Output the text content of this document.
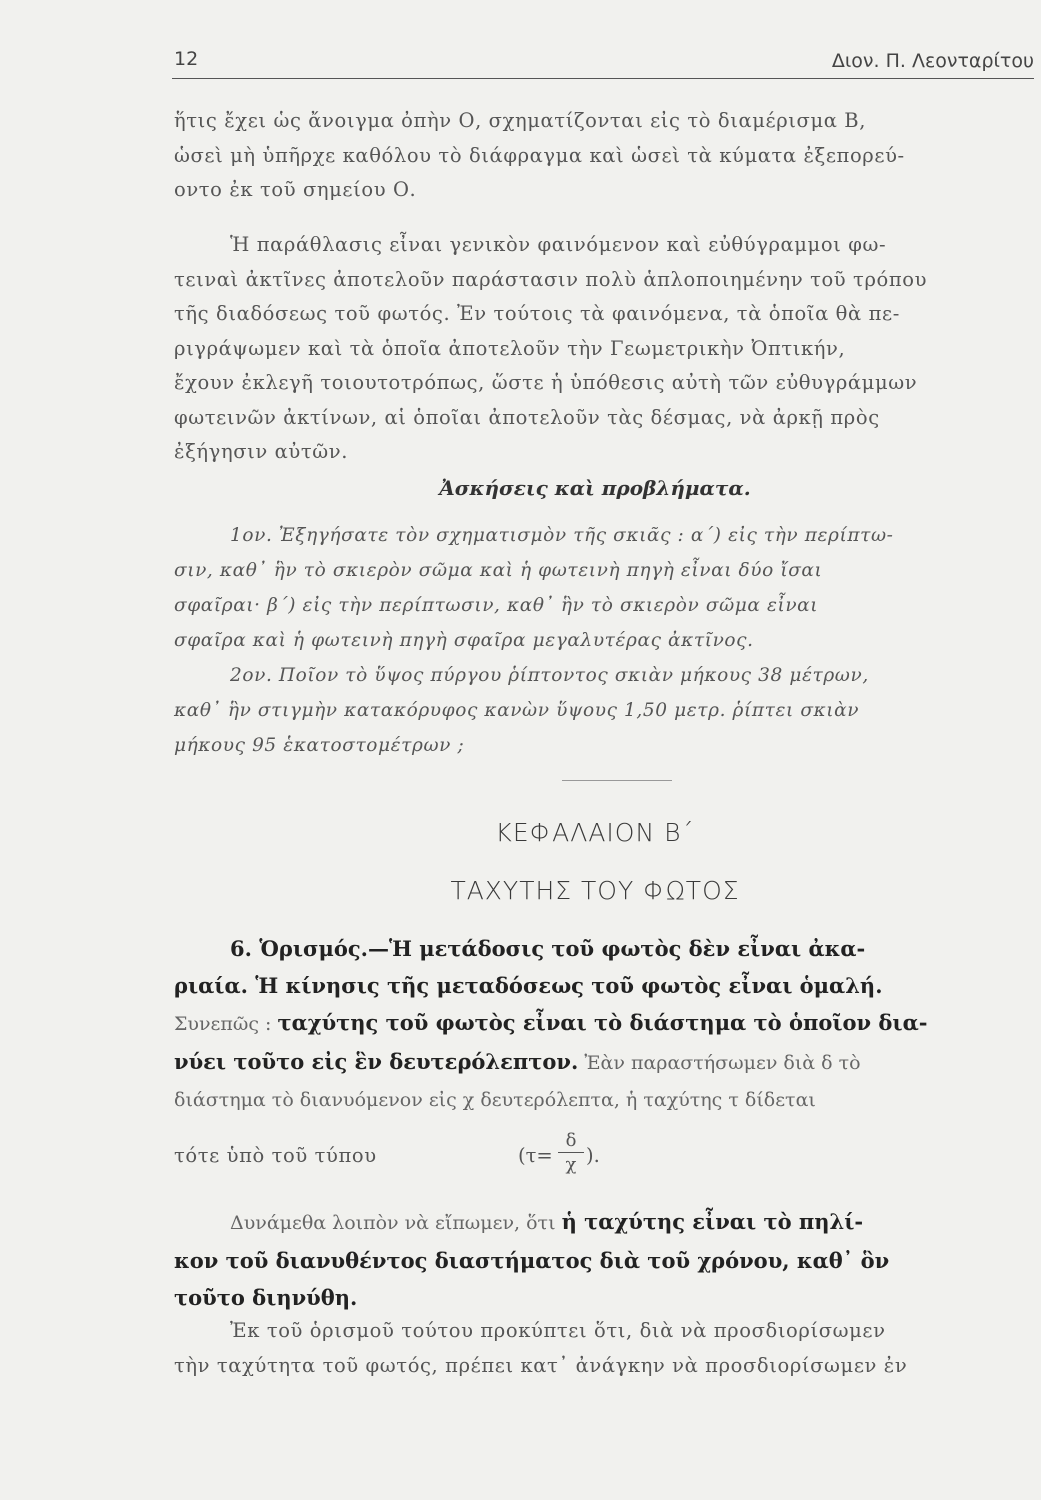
12	Διον. Π. Λεονταρίτου

ἥτις ἔχει ὡς ἄνοιγμα ὀπὴν Ο, σχηματίζονται εἰς τὸ διαμέρισμα Β,

ὡσεὶ μὴ ὑπῆρχε καθόλου τὸ διάφραγμα καὶ ὡσεὶ τὰ κύματα ἐξεπορεύ-

οντο ἐκ τοῦ σημείου Ο.

Ἡ παράθλασις εἶναι γενικὸν φαινόμενον καὶ εὐθύγραμμοι φω-

τειναὶ ἀκτῖνες ἀποτελοῦν παράστασιν πολὺ ἁπλοποιημένην τοῦ τρόπου

τῆς διαδόσεως τοῦ φωτός. Ἐν τούτοις τὰ φαινόμενα, τὰ ὁποῖα θὰ πε-

ριγράψωμεν καὶ τὰ ὁποῖα ἀποτελοῦν τὴν Γεωμετρικὴν Ὀπτικήν,

ἔχουν ἐκλεγῆ τοιουτοτρόπως, ὥστε ἡ ὑπόθεσις αὐτὴ τῶν εὐθυγράμμων

φωτεινῶν ἀκτίνων, αἱ ὁποῖαι ἀποτελοῦν τὰς δέσμας, νὰ ἀρκῇ πρὸς

ἐξήγησιν αὐτῶν.

Ἀσκήσεις καὶ προβλήματα.

1ον. Ἐξηγήσατε τὸν σχηματισμὸν τῆς σκιᾶς : α΄) εἰς τὴν περίπτω-

σιν, καθ᾽ ἣν τὸ σκιερὸν σῶμα καὶ ἡ φωτεινὴ πηγὴ εἶναι δύο ἴσαι

σφαῖραι· β΄) εἰς τὴν περίπτωσιν, καθ᾽ ἣν τὸ σκιερὸν σῶμα εἶναι

σφαῖρα καὶ ἡ φωτεινὴ πηγὴ σφαῖρα μεγαλυτέρας ἀκτῖνος.

2ον. Ποῖον τὸ ὕψος πύργου ῥίπτοντος σκιὰν μήκους 38 μέτρων,

καθ᾽ ἣν στιγμὴν κατακόρυφος κανὼν ὕψους 1,50 μετρ. ῥίπτει σκιὰν

μήκους 95 ἑκατοστομέτρων ;

ΚΕΦΑΛΑΙΟΝ Β΄
ΤΑΧΥΤΗΣ ΤΟΥ ΦΩΤΟΣ

6. Ὁρισμός.—Ἡ μετάδοσις τοῦ φωτὸς δὲν εἶναι ἀκα-

ριαία. Ἡ κίνησις τῆς μεταδόσεως τοῦ φωτὸς εἶναι ὁμαλή.

Συνεπῶς : ταχύτης τοῦ φωτὸς εἶναι τὸ διάστημα τὸ ὁποῖον δια-

νύει τοῦτο εἰς ἓν δευτερόλεπτον. Ἐὰν παραστήσωμεν διὰ δ τὸ

διάστημα τὸ διανυόμενον εἰς χ δευτερόλεπτα, ἡ ταχύτης τ δίδεται

τότε ὑπὸ τοῦ τύπου	($\tau= \frac{\delta}{\chi}$ ).

Δυνάμεθα λοιπὸν νὰ εἴπωμεν, ὅτι ἡ ταχύτης εἶναι τὸ πηλί-

κον τοῦ διανυθέντος διαστήματος διὰ τοῦ χρόνου, καθ᾽ ὃν

τοῦτο διηνύθη.

Ἐκ τοῦ ὁρισμοῦ τούτου προκύπτει ὅτι, διὰ νὰ προσδιορίσωμεν

τὴν ταχύτητα τοῦ φωτός, πρέπει κατ᾽ ἀνάγκην νὰ προσδιορίσωμεν ἐν
